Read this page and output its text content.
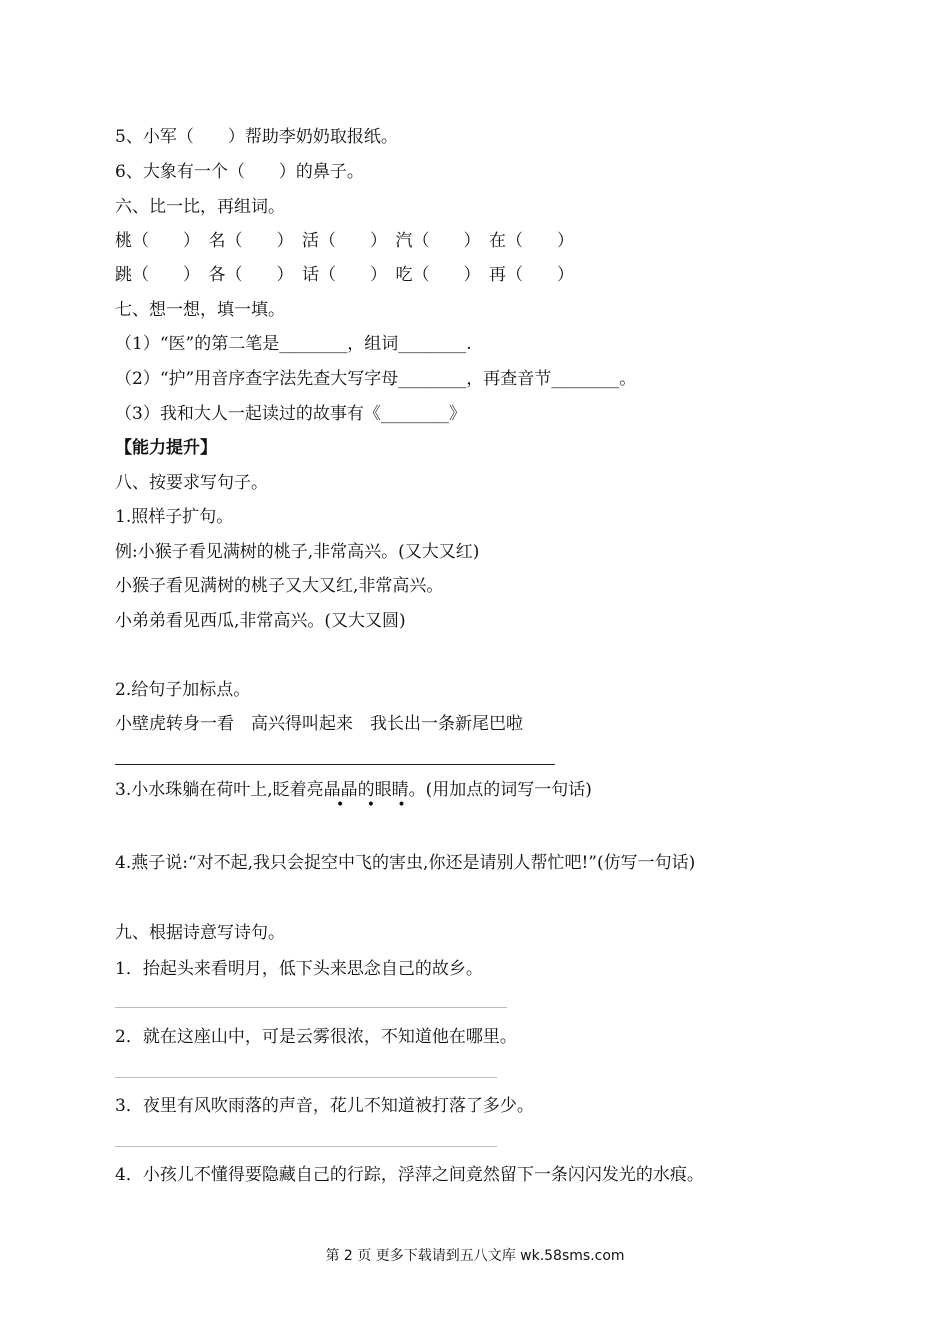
5、小军（　　）帮助李奶奶取报纸。
6、大象有一个（　　）的鼻子。
六、比一比，再组词。
桃（　　）　名（　　）　活（　　）　汽（　　）　在（　　）
跳（　　）　各（　　）　话（　　）　吃（　　）　再（　　）
七、想一想，填一填。
（1）“医”的第二笔是________，组词________.
（2）“护”用音序查字法先查大写字母________，再查音节________。
（3）我和大人一起读过的故事有《________》
【能力提升】
八、按要求写句子。
1.照样子扩句。
例:小猴子看见满树的桃子,非常高兴。(又大又红)
小猴子看见满树的桃子又大又红,非常高兴。
小弟弟看见西瓜,非常高兴。(又大又圆)
2.给句子加标点。
小壁虎转身一看　高兴得叫起来　我长出一条新尾巴啦
3.小水珠躺在荷叶上,眨着亮晶晶的眼睛。(用加点的词写一句话)
• • •
4.燕子说:“对不起,我只会捉空中飞的害虫,你还是请别人帮忙吧!”(仿写一句话)
九、根据诗意写诗句。
1．抬起头来看明月，低下头来思念自己的故乡。
2．就在这座山中，可是云雾很浓，不知道他在哪里。
3．夜里有风吹雨落的声音，花儿不知道被打落了多少。
4．小孩儿不懂得要隐藏自己的行踪，浮萍之间竟然留下一条闪闪发光的水痕。
第 2 页 更多下载请到五八文库 wk.58sms.com
